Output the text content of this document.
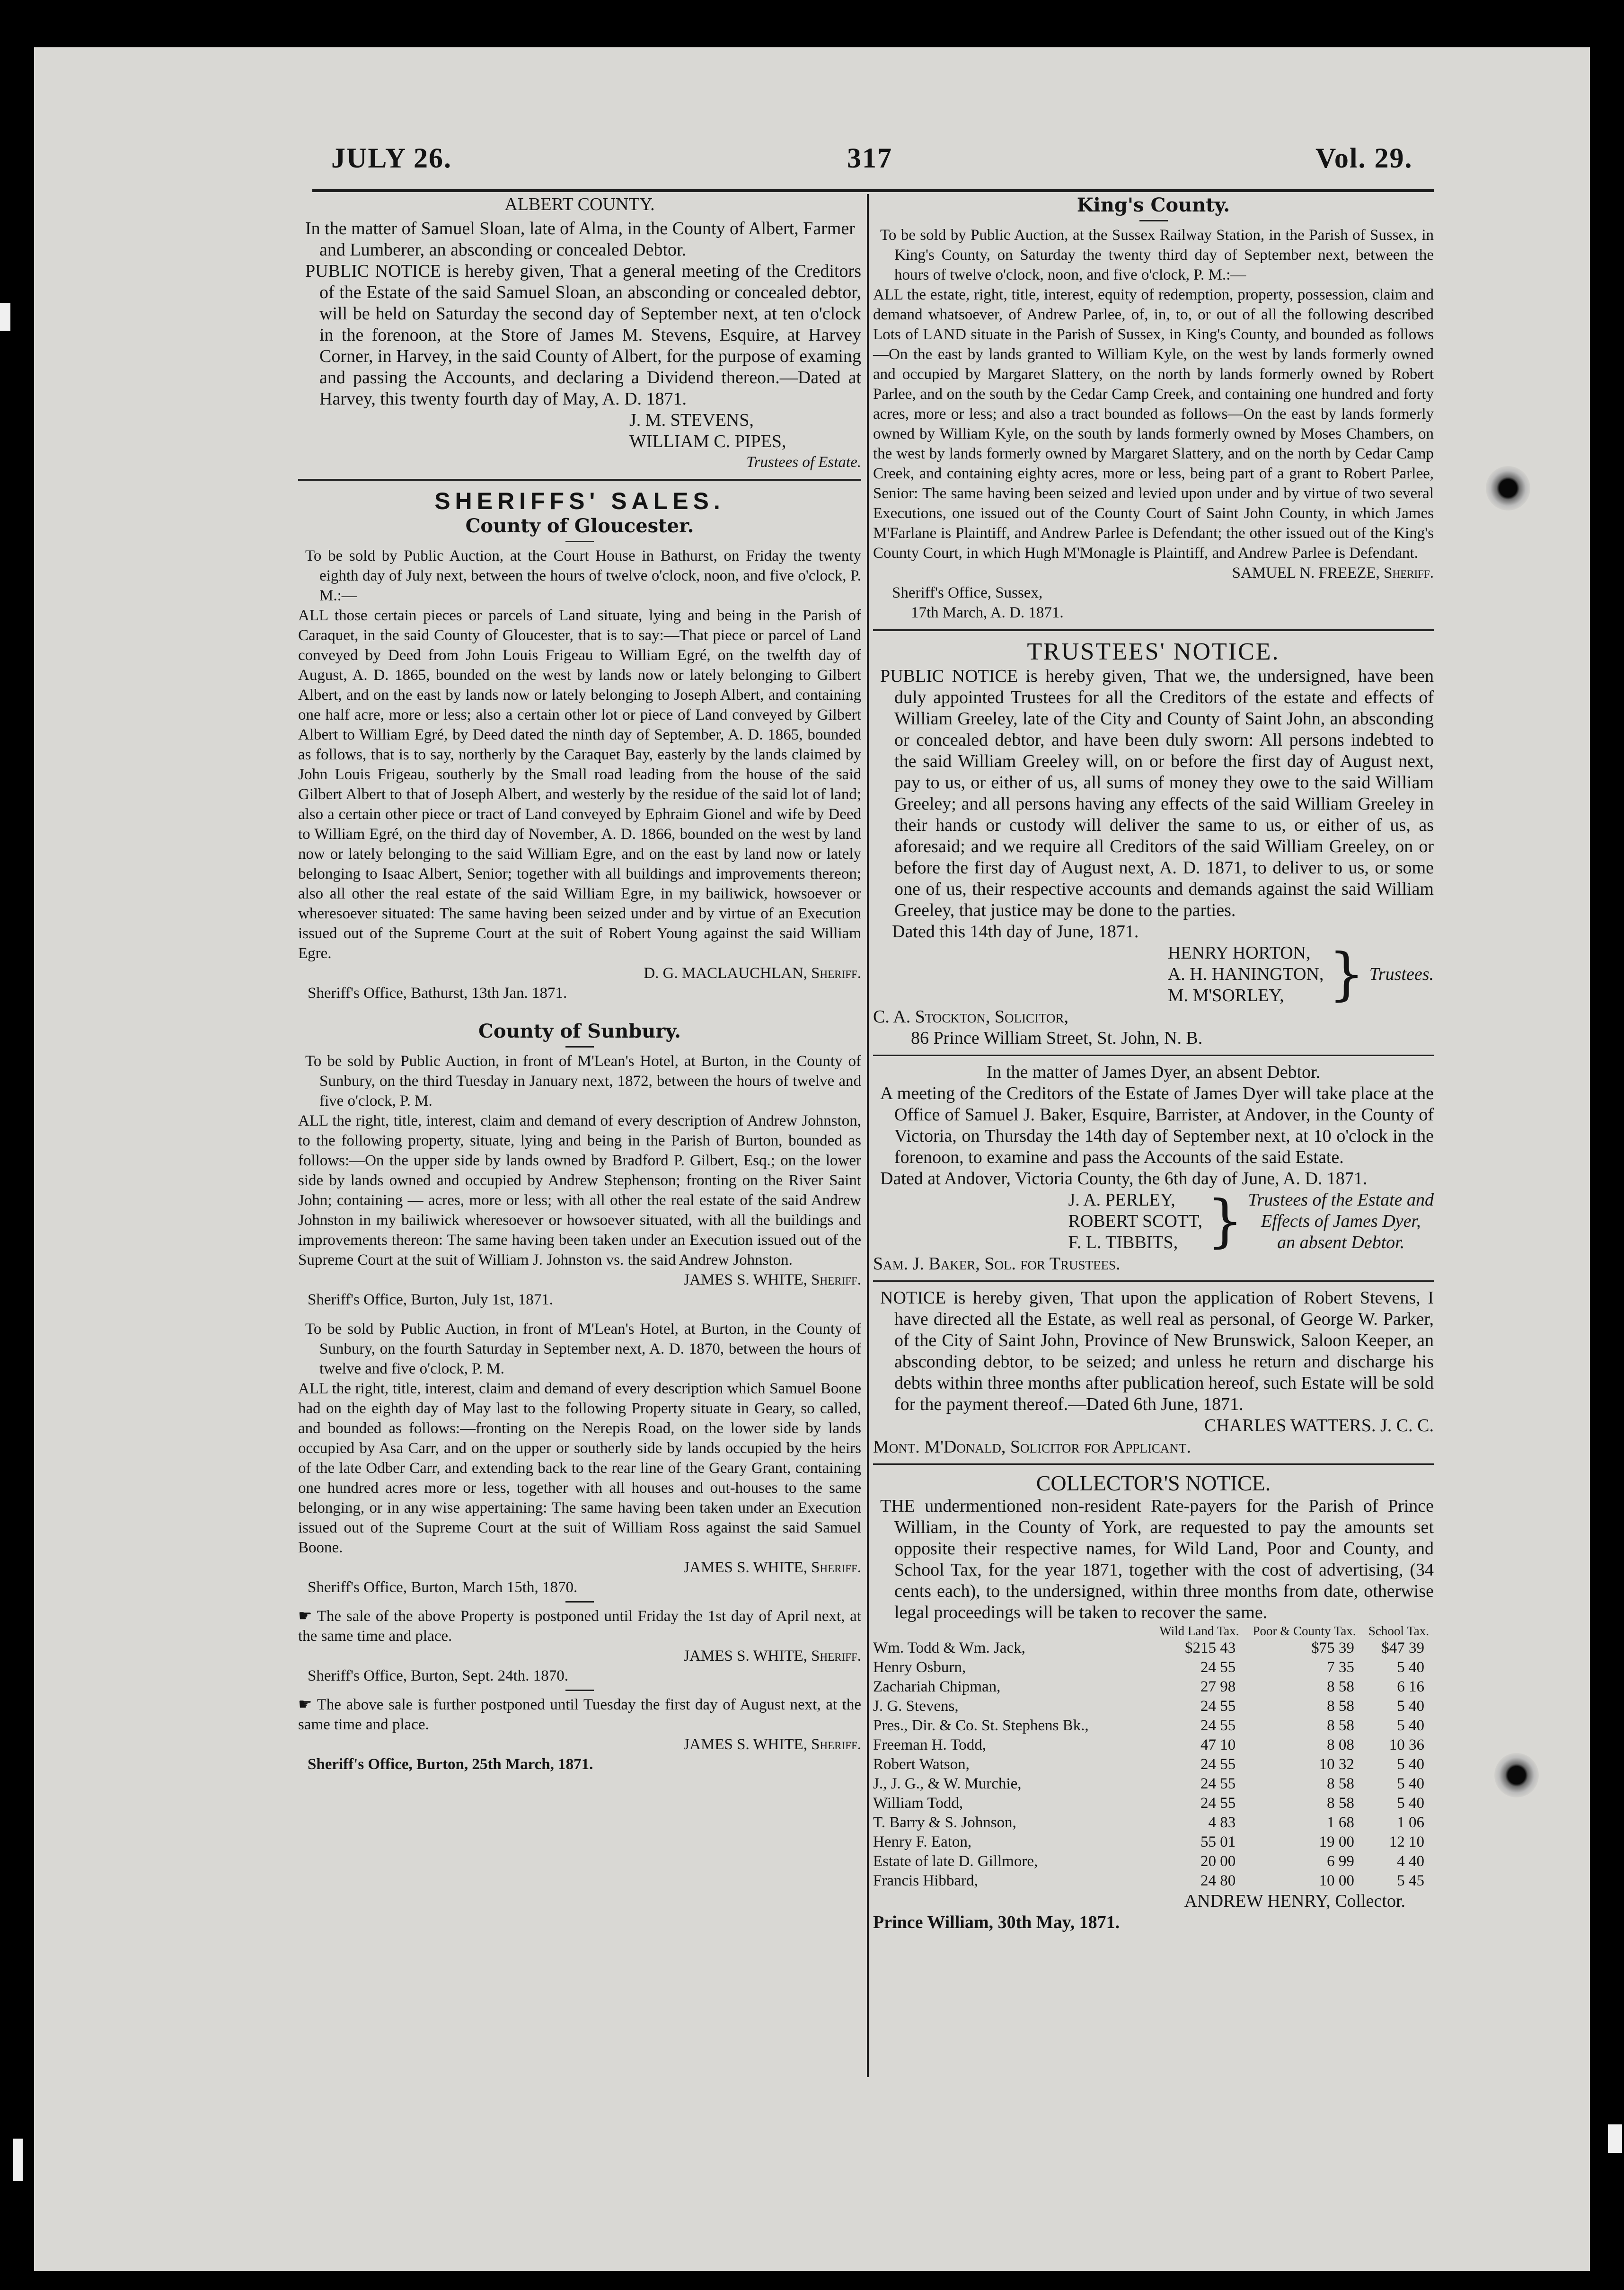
JULY 26.	317	Vol. 29.

ALBERT COUNTY.

In the matter of Samuel Sloan, late of Alma, in the County of Albert, Farmer and Lumberer, an absconding or concealed Debtor.

PUBLIC NOTICE is hereby given, That a general meeting of the Creditors of the Estate of the said Samuel Sloan, an absconding or concealed debtor, will be held on Saturday the second day of September next, at ten o'clock in the forenoon, at the Store of James M. Stevens, Esquire, at Harvey Corner, in Harvey, in the said County of Albert, for the purpose of examing and passing the Accounts, and declaring a Dividend thereon.—Dated at Harvey, this twenty fourth day of May, A. D. 1871.

J. M. STEVENS,

WILLIAM C. PIPES,

Trustees of Estate.

SHERIFFS' SALES.

County of Gloucester.

To be sold by Public Auction, at the Court House in Bathurst, on Friday the twenty eighth day of July next, between the hours of twelve o'clock, noon, and five o'clock, P. M.:—

ALL those certain pieces or parcels of Land situate, lying and being in the Parish of Caraquet, in the said County of Gloucester, that is to say:—That piece or parcel of Land conveyed by Deed from John Louis Frigeau to William Egré, on the twelfth day of August, A. D. 1865, bounded on the west by lands now or lately belonging to Gilbert Albert, and on the east by lands now or lately belonging to Joseph Albert, and containing one half acre, more or less; also a certain other lot or piece of Land conveyed by Gilbert Albert to William Egré, by Deed dated the ninth day of September, A. D. 1865, bounded as follows, that is to say, northerly by the Caraquet Bay, easterly by the lands claimed by John Louis Frigeau, southerly by the Small road leading from the house of the said Gilbert Albert to that of Joseph Albert, and westerly by the residue of the said lot of land; also a certain other piece or tract of Land conveyed by Ephraim Gionel and wife by Deed to William Egré, on the third day of November, A. D. 1866, bounded on the west by land now or lately belonging to the said William Egre, and on the east by land now or lately belonging to Isaac Albert, Senior; together with all buildings and improvements thereon; also all other the real estate of the said William Egre, in my bailiwick, howsoever or wheresoever situated: The same having been seized under and by virtue of an Execution issued out of the Supreme Court at the suit of Robert Young against the said William Egre.

D. G. MACLAUCHLAN, Sheriff.

Sheriff's Office, Bathurst, 13th Jan. 1871.

County of Sunbury.

To be sold by Public Auction, in front of M'Lean's Hotel, at Burton, in the County of Sunbury, on the third Tuesday in January next, 1872, between the hours of twelve and five o'clock, P. M.

ALL the right, title, interest, claim and demand of every description of Andrew Johnston, to the following property, situate, lying and being in the Parish of Burton, bounded as follows:—On the upper side by lands owned by Bradford P. Gilbert, Esq.; on the lower side by lands owned and occupied by Andrew Stephenson; fronting on the River Saint John; containing — acres, more or less; with all other the real estate of the said Andrew Johnston in my bailiwick wheresoever or howsoever situated, with all the buildings and improvements thereon: The same having been taken under an Execution issued out of the Supreme Court at the suit of William J. Johnston vs. the said Andrew Johnston.

JAMES S. WHITE, Sheriff.

Sheriff's Office, Burton, July 1st, 1871.

To be sold by Public Auction, in front of M'Lean's Hotel, at Burton, in the County of Sunbury, on the fourth Saturday in September next, A. D. 1870, between the hours of twelve and five o'clock, P. M.

ALL the right, title, interest, claim and demand of every description which Samuel Boone had on the eighth day of May last to the following Property situate in Geary, so called, and bounded as follows:—fronting on the Nerepis Road, on the lower side by lands occupied by Asa Carr, and on the upper or southerly side by lands occupied by the heirs of the late Odber Carr, and extending back to the rear line of the Geary Grant, containing one hundred acres more or less, together with all houses and out-houses to the same belonging, or in any wise appertaining: The same having been taken under an Execution issued out of the Supreme Court at the suit of William Ross against the said Samuel Boone.

JAMES S. WHITE, Sheriff.

Sheriff's Office, Burton, March 15th, 1870.

☛ The sale of the above Property is postponed until Friday the 1st day of April next, at the same time and place.

JAMES S. WHITE, Sheriff.

Sheriff's Office, Burton, Sept. 24th. 1870.

☛ The above sale is further postponed until Tuesday the first day of August next, at the same time and place.

JAMES S. WHITE, Sheriff.

Sheriff's Office, Burton, 25th March, 1871.

King's County.

To be sold by Public Auction, at the Sussex Railway Station, in the Parish of Sussex, in King's County, on Saturday the twenty third day of September next, between the hours of twelve o'clock, noon, and five o'clock, P. M.:—

ALL the estate, right, title, interest, equity of redemption, property, possession, claim and demand whatsoever, of Andrew Parlee, of, in, to, or out of all the following described Lots of LAND situate in the Parish of Sussex, in King's County, and bounded as follows—On the east by lands granted to William Kyle, on the west by lands formerly owned and occupied by Margaret Slattery, on the north by lands formerly owned by Robert Parlee, and on the south by the Cedar Camp Creek, and containing one hundred and forty acres, more or less; and also a tract bounded as follows—On the east by lands formerly owned by William Kyle, on the south by lands formerly owned by Moses Chambers, on the west by lands formerly owned by Margaret Slattery, and on the north by Cedar Camp Creek, and containing eighty acres, more or less, being part of a grant to Robert Parlee, Senior: The same having been seized and levied upon under and by virtue of two several Executions, one issued out of the County Court of Saint John County, in which James M'Farlane is Plaintiff, and Andrew Parlee is Defendant; the other issued out of the King's County Court, in which Hugh M'Monagle is Plaintiff, and Andrew Parlee is Defendant.

SAMUEL N. FREEZE, Sheriff.

Sheriff's Office, Sussex,

17th March, A. D. 1871.

TRUSTEES' NOTICE.

PUBLIC NOTICE is hereby given, That we, the undersigned, have been duly appointed Trustees for all the Creditors of the estate and effects of William Greeley, late of the City and County of Saint John, an absconding or concealed debtor, and have been duly sworn: All persons indebted to the said William Greeley will, on or before the first day of August next, pay to us, or either of us, all sums of money they owe to the said William Greeley; and all persons having any effects of the said William Greeley in their hands or custody will deliver the same to us, or either of us, as aforesaid; and we require all Creditors of the said William Greeley, on or before the first day of August next, A. D. 1871, to deliver to us, or some one of us, their respective accounts and demands against the said William Greeley, that justice may be done to the parties.

Dated this 14th day of June, 1871.

HENRY HORTON,

A. H. HANINGTON,

M. M'SORLEY, } Trustees.

C. A. Stockton, Solicitor,

86 Prince William Street, St. John, N. B.

In the matter of James Dyer, an absent Debtor.

A meeting of the Creditors of the Estate of James Dyer will take place at the Office of Samuel J. Baker, Esquire, Barrister, at Andover, in the County of Victoria, on Thursday the 14th day of September next, at 10 o'clock in the forenoon, to examine and pass the Accounts of the said Estate.

Dated at Andover, Victoria County, the 6th day of June, A. D. 1871.

J. A. PERLEY,

ROBERT SCOTT,

F. L. TIBBITS, } Trustees of the Estate and

Effects of James Dyer,

an absent Debtor.

Sam. J. Baker, Sol. for Trustees.

NOTICE is hereby given, That upon the application of Robert Stevens, I have directed all the Estate, as well real as personal, of George W. Parker, of the City of Saint John, Province of New Brunswick, Saloon Keeper, an absconding debtor, to be seized; and unless he return and discharge his debts within three months after publication hereof, such Estate will be sold for the payment thereof.—Dated 6th June, 1871.

CHARLES WATTERS. J. C. C.

Mont. M'Donald, Solicitor for Applicant.

COLLECTOR'S NOTICE.

THE undermentioned non-resident Rate-payers for the Parish of Prince William, in the County of York, are requested to pay the amounts set opposite their respective names, for Wild Land, Poor and County, and School Tax, for the year 1871, together with the cost of advertising, (34 cents each), to the undersigned, within three months from date, otherwise legal proceedings will be taken to recover the same.

	Wild Land Tax.	Poor & County Tax.	School Tax.
Wm. Todd & Wm. Jack,	$215 43	$75 39	$47 39
Henry Osburn,	24 55	7 35	5 40
Zachariah Chipman,	27 98	8 58	6 16
J. G. Stevens,	24 55	8 58	5 40
Pres., Dir. & Co. St. Stephens Bk.,	24 55	8 58	5 40
Freeman H. Todd,	47 10	8 08	10 36
Robert Watson,	24 55	10 32	5 40
J., J. G., & W. Murchie,	24 55	8 58	5 40
William Todd,	24 55	8 58	5 40
T. Barry & S. Johnson,	4 83	1 68	1 06
Henry F. Eaton,	55 01	19 00	12 10
Estate of late D. Gillmore,	20 00	6 99	4 40
Francis Hibbard,	24 80	10 00	5 45

ANDREW HENRY, Collector.

Prince William, 30th May, 1871.
